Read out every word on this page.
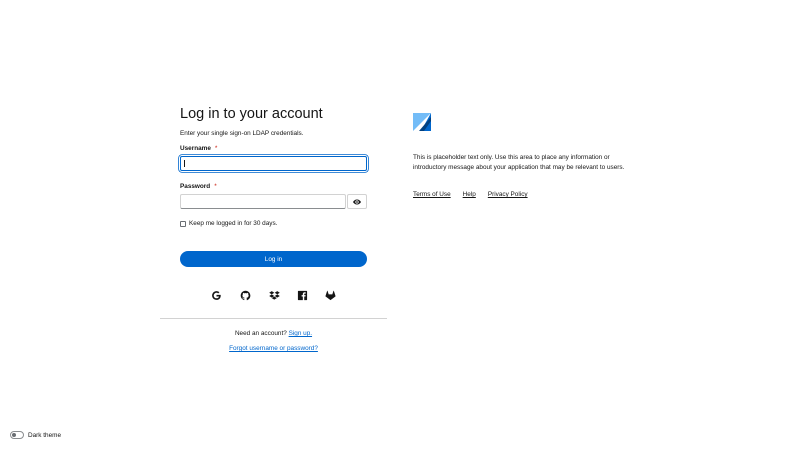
Log in to your account

Enter your single sign-on LDAP credentials.

Username *
Password *
Keep me logged in for 30 days.
Log in
Need an account? Sign up.
Forgot username or password?

This is placeholder text only. Use this area to place any information or introductory message about your application that may be relevant to users.

Terms of Use Help Privacy Policy
Dark theme
